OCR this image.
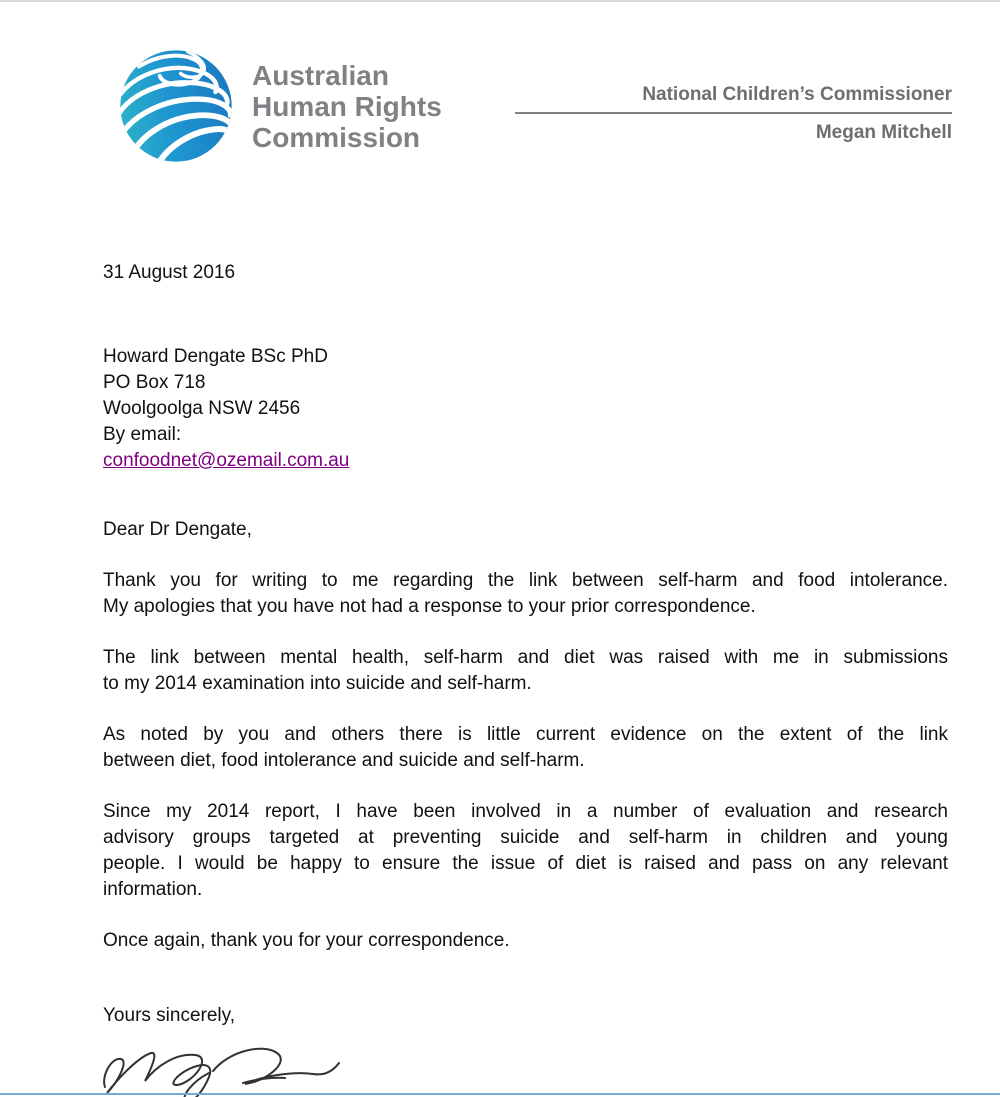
Australian
Human Rights
Commission
National Children’s Commissioner
Megan Mitchell

31 August 2016

Howard Dengate BSc PhD
PO Box 718
Woolgoolga NSW 2456
By email:
confoodnet@ozemail.com.au

Dear Dr Dengate,

Thank you for writing to me regarding the link between self-harm and food intolerance.
My apologies that you have not had a response to your prior correspondence.

The link between mental health, self-harm and diet was raised with me in submissions
to my 2014 examination into suicide and self-harm.

As noted by you and others there is little current evidence on the extent of the link
between diet, food intolerance and suicide and self-harm.

Since my 2014 report, I have been involved in a number of evaluation and research
advisory groups targeted at preventing suicide and self-harm in children and young
people. I would be happy to ensure the issue of diet is raised and pass on any relevant
information.

Once again, thank you for your correspondence.

Yours sincerely,
